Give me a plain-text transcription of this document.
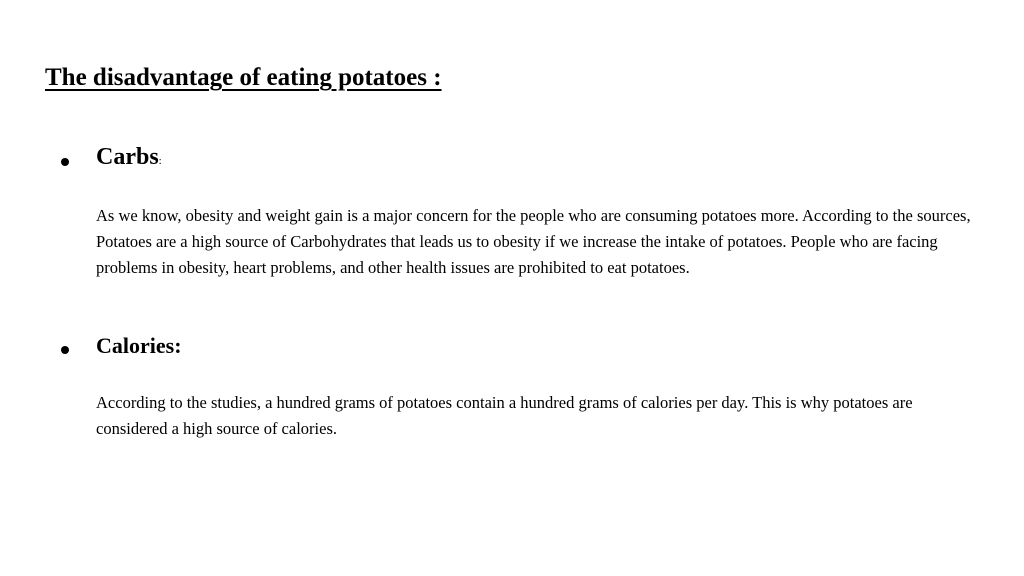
The disadvantage of eating potatoes :
Carbs:

As we know, obesity and weight gain is a major concern for the people who are consuming potatoes more. According to the sources, Potatoes are a high source of Carbohydrates that leads us to obesity if we increase the intake of potatoes. People who are facing problems in obesity, heart problems, and other health issues are prohibited to eat potatoes.

Calories:

According to the studies, a hundred grams of potatoes contain a hundred grams of calories per day. This is why potatoes are considered a high source of calories.
